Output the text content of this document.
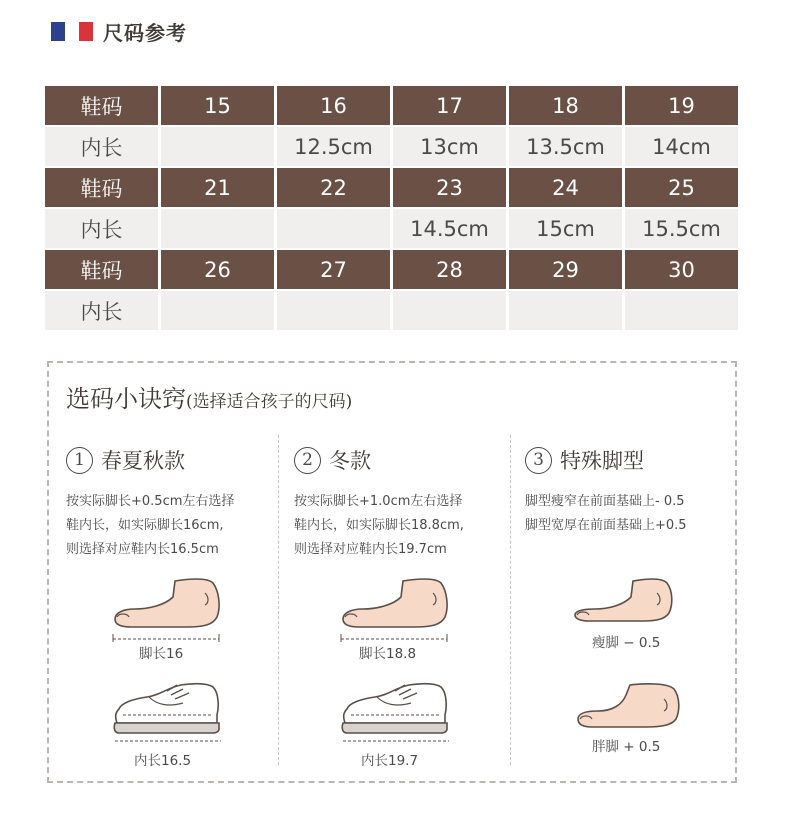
尺码参考
鞋码	15	16	17	18	19
内长		12.5cm	13cm	13.5cm	14cm
鞋码	21	22	23	24	25
内长			14.5cm	15cm	15.5cm
鞋码	26	27	28	29	30
内长					
选码小诀窍(选择适合孩子的尺码)
1 春夏秋款
按实际脚长+0.5cm左右选择
鞋内长，如实际脚长16cm,
则选择对应鞋内长16.5cm
2 冬款
按实际脚长+1.0cm左右选择
鞋内长，如实际脚长18.8cm,
则选择对应鞋内长19.7cm
3 特殊脚型
脚型瘦窄在前面基础上- 0.5
脚型宽厚在前面基础上+0.5
脚长16
内长16.5
脚长18.8
内长19.7
瘦脚 − 0.5
胖脚 + 0.5
